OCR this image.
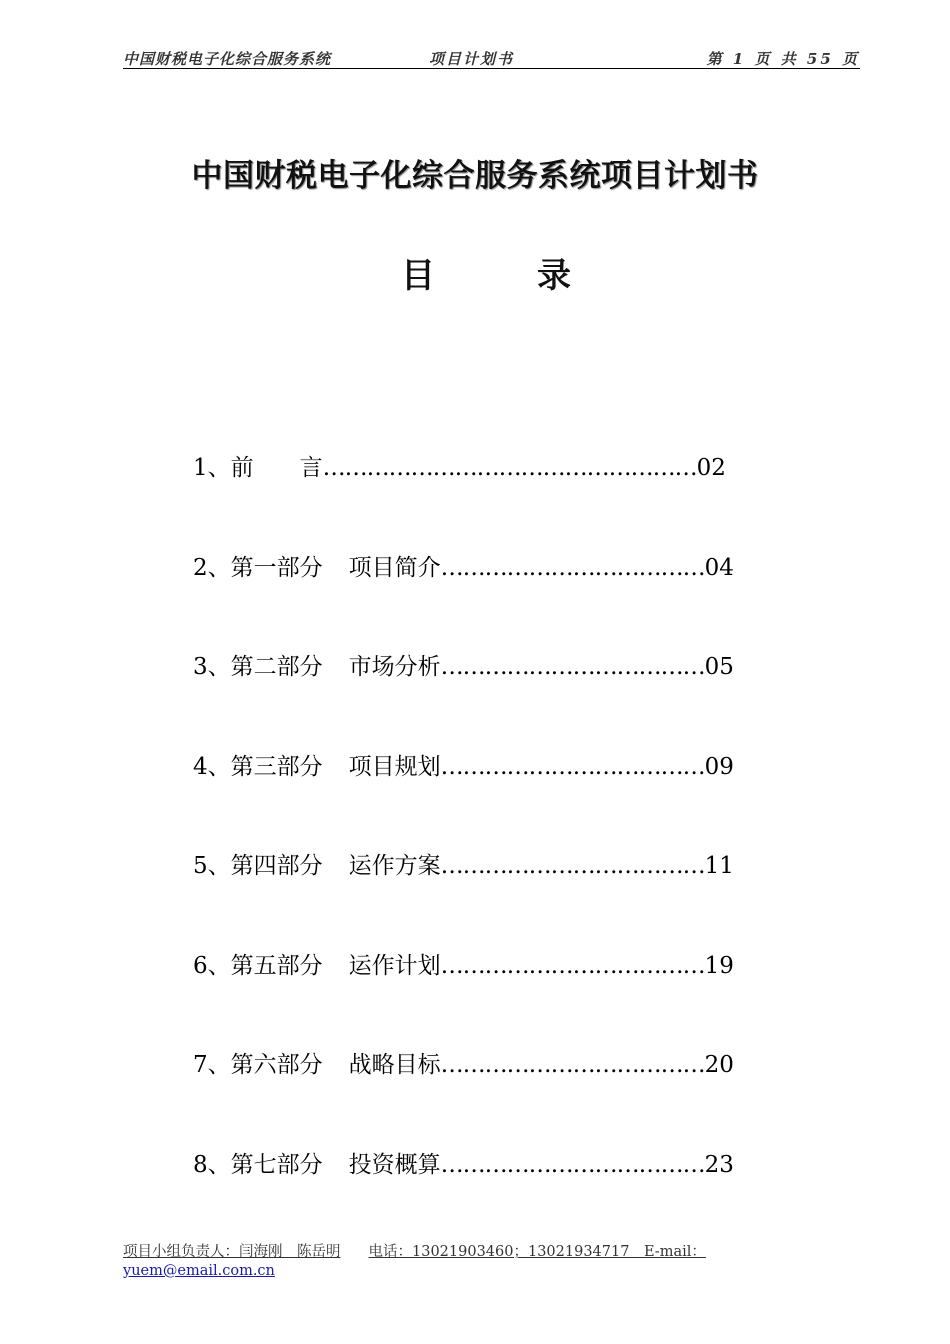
中国财税电子化综合服务系统	项目计划书	第 1 页 共 55 页
中国财税电子化综合服务系统项目计划书
目	录
1、前　　言……………………………………………02
2、第一部分 项目简介………………………………04
3、第二部分 市场分析………………………………05
4、第三部分 项目规划………………………………09
5、第四部分 运作方案………………………………11
6、第五部分 运作计划………………………………19
7、第六部分 战略目标………………………………20
8、第七部分 投资概算………………………………23
项目小组负责人：闫海刚　陈岳明 电话：13021903460；13021934717　E-mail：
yuem@email.com.cn
